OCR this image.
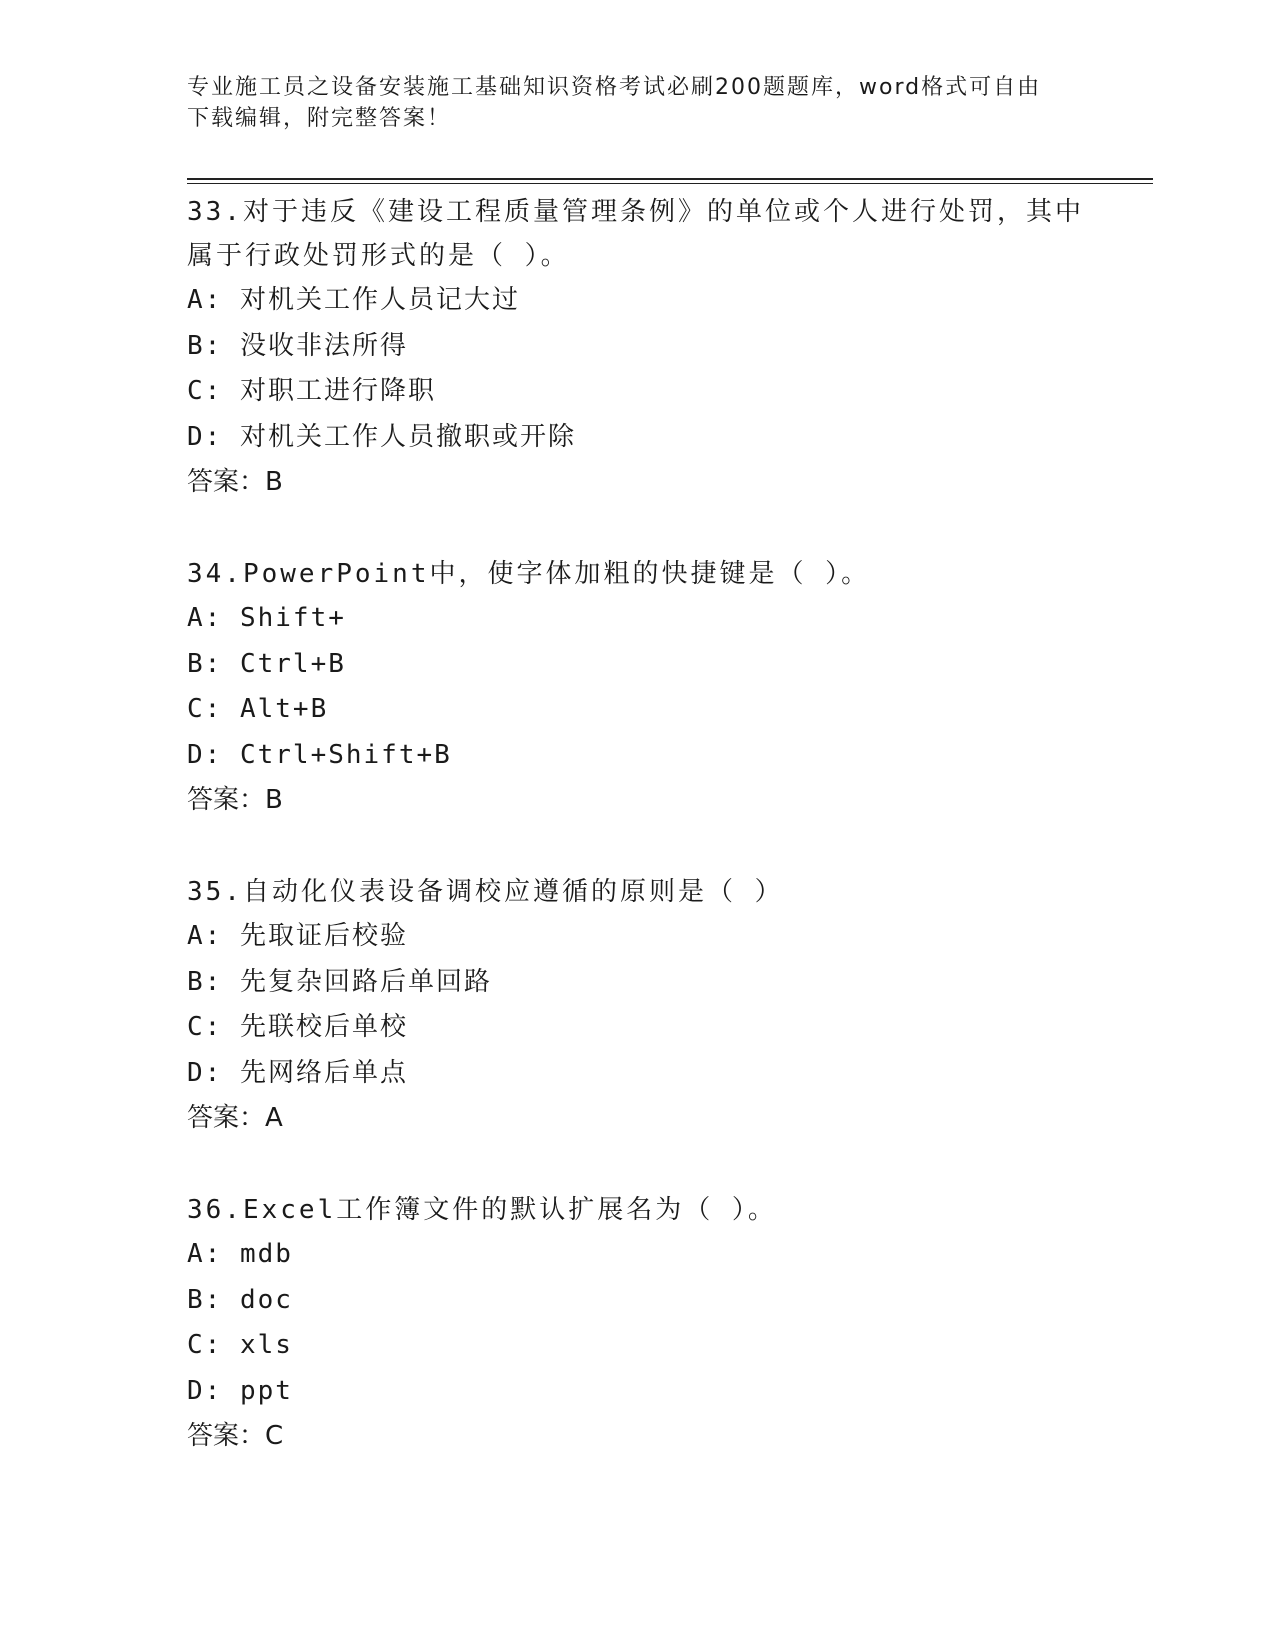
专业施工员之设备安装施工基础知识资格考试必刷200题题库，word格式可自由
下载编辑，附完整答案！
33.对于违反《建设工程质量管理条例》的单位或个人进行处罚，其中
属于行政处罚形式的是（ ）。
A: 对机关工作人员记大过
B: 没收非法所得
C: 对职工进行降职
D: 对机关工作人员撤职或开除
答案：B
34.PowerPoint中，使字体加粗的快捷键是（ ）。
A: Shift+
B: Ctrl+B
C: Alt+B
D: Ctrl+Shift+B
答案：B
35.自动化仪表设备调校应遵循的原则是（ ）
A: 先取证后校验
B: 先复杂回路后单回路
C: 先联校后单校
D: 先网络后单点
答案：A
36.Excel工作簿文件的默认扩展名为（ ）。
A: mdb
B: doc
C: xls
D: ppt
答案：C
